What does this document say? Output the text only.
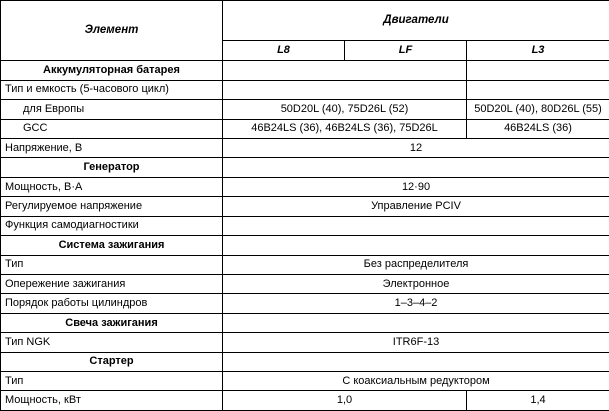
Элемент	Двигатели		
	L8	LF	L3
Аккумуляторная батарея			
Тип и емкость (5-часового цикл)			
для Европы	50D20L (40), 75D26L (52)		50D20L (40), 80D26L (55)
GCC	46B24LS (36), 46B24LS (36), 75D26L		46B24LS (36)
Напряжение, В	12		
Генератор			
Мощность, В·А	12·90		
Регулируемое напряжение	Управление PCIV		
Функция самодиагностики			
Система зажигания			
Тип	Без распределителя		
Опережение зажигания	Электронное		
Порядок работы цилиндров	1–3–4–2		
Свеча зажигания			
Тип NGK	ITR6F-13		
Стартер			
Тип	С коаксиальным редуктором		
Мощность, кВт	1,0		1,4
